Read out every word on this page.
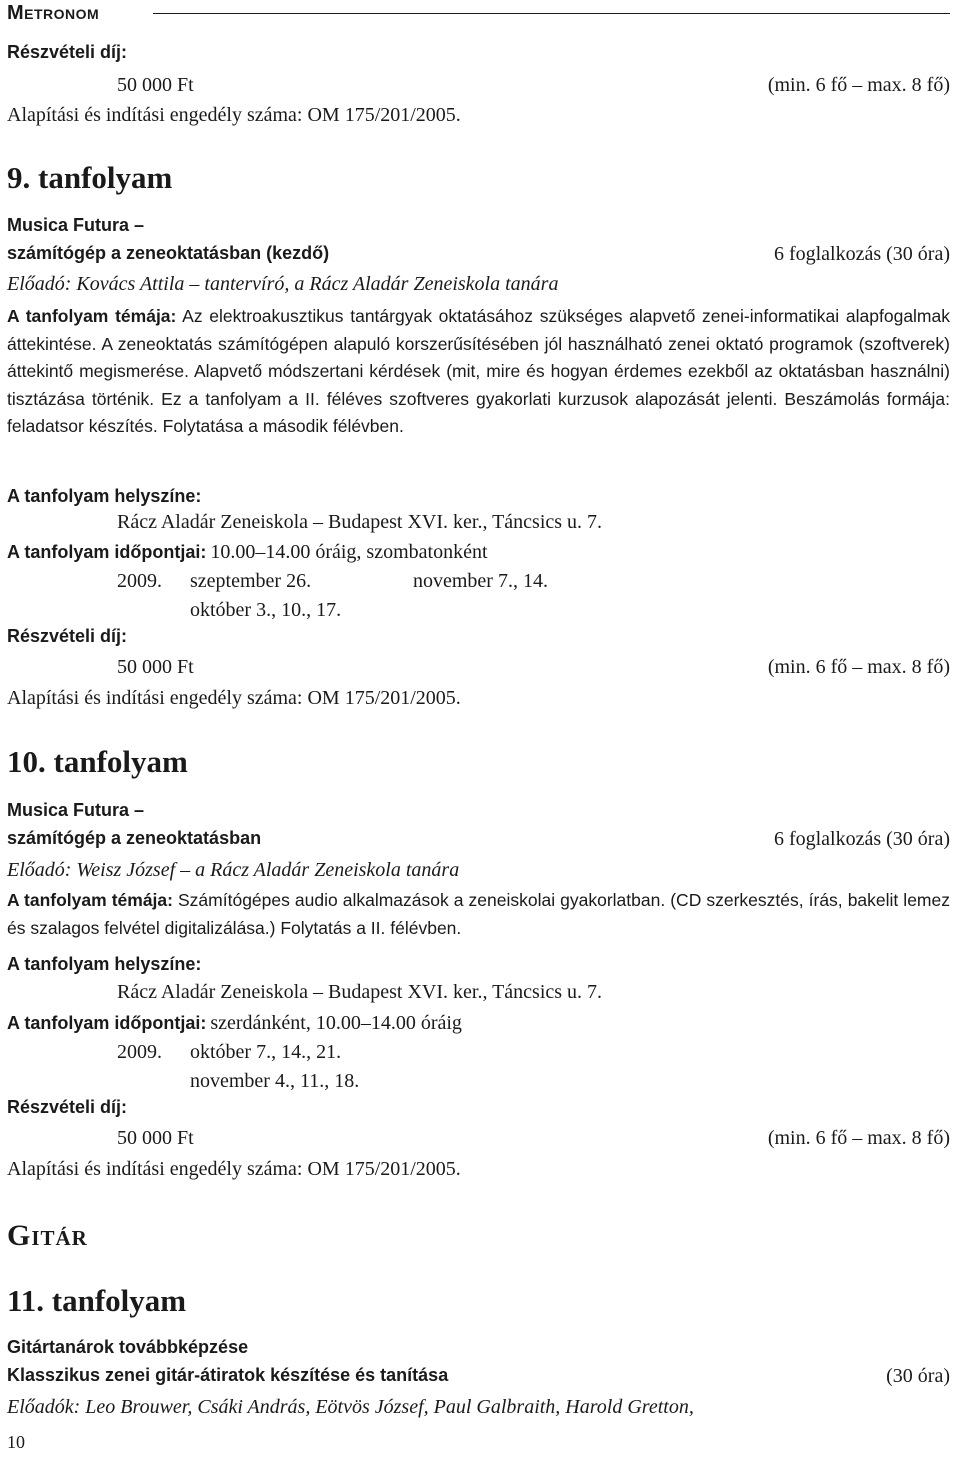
Metronom
Részvételi díj:
50 000 Ft	(min. 6 fő – max. 8 fő)
Alapítási és indítási engedély száma: OM 175/201/2005.
9. tanfolyam
Musica Futura –
számítógép a zeneoktatásban (kezdő)	6 foglalkozás (30 óra)
Előadó: Kovács Attila – tantervíró, a Rácz Aladár Zeneiskola tanára
A tanfolyam témája: Az elektroakusztikus tantárgyak oktatásához szükséges alapvető zenei-informatikai alapfogalmak áttekintése. A zeneoktatás számítógépen alapuló korszerűsítésében jól használható zenei oktató programok (szoftverek) áttekintő megismerése. Alapvető módszertani kérdések (mit, mire és hogyan érdemes ezekből az oktatásban használni) tisztázása történik. Ez a tanfolyam a II. féléves szoftveres gyakorlati kurzusok alapozását jelenti. Beszámolás formája: feladatsor készítés. Folytatása a második félévben.
A tanfolyam helyszíne:
Rácz Aladár Zeneiskola – Budapest XVI. ker., Táncsics u. 7.
A tanfolyam időpontjai: 10.00–14.00 óráig, szombatonként
2009. szeptember 26.	november 7., 14.
október 3., 10., 17.
Részvételi díj:
50 000 Ft	(min. 6 fő – max. 8 fő)
Alapítási és indítási engedély száma: OM 175/201/2005.
10. tanfolyam
Musica Futura –
számítógép a zeneoktatásban	6 foglalkozás (30 óra)
Előadó: Weisz József – a Rácz Aladár Zeneiskola tanára
A tanfolyam témája: Számítógépes audio alkalmazások a zeneiskolai gyakorlatban. (CD szerkesztés, írás, bakelit lemez és szalagos felvétel digitalizálása.) Folytatás a II. félévben.
A tanfolyam helyszíne:
Rácz Aladár Zeneiskola – Budapest XVI. ker., Táncsics u. 7.
A tanfolyam időpontjai: szerdánként, 10.00–14.00 óráig
2009. október 7., 14., 21.
november 4., 11., 18.
Részvételi díj:
50 000 Ft	(min. 6 fő – max. 8 fő)
Alapítási és indítási engedély száma: OM 175/201/2005.
Gitár
11. tanfolyam
Gitártanárok továbbképzése
Klasszikus zenei gitár-átiratok készítése és tanítása	(30 óra)
Előadók: Leo Brouwer, Csáki András, Eötvös József, Paul Galbraith, Harold Gretton,
10
